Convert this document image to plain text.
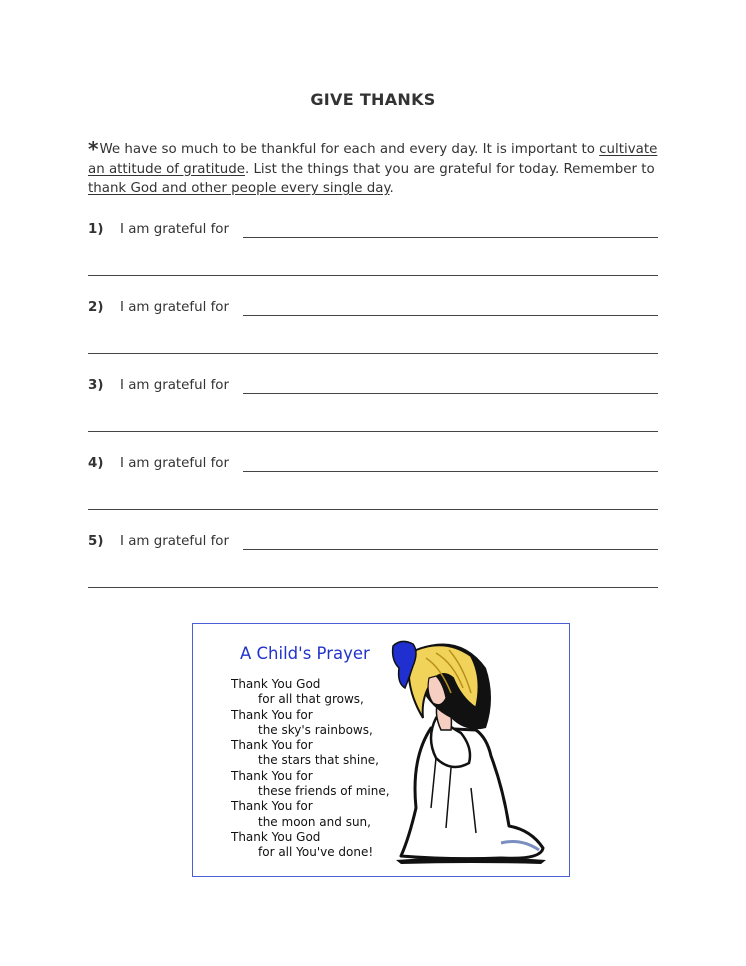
GIVE THANKS
*We have so much to be thankful for each and every day. It is important to cultivate an attitude of gratitude. List the things that you are grateful for today. Remember to thank God and other people every single day.
1) I am grateful for
2) I am grateful for
3) I am grateful for
4) I am grateful for
5) I am grateful for
A Child's Prayer
Thank You God
for all that grows,
Thank You for
the sky's rainbows,
Thank You for
the stars that shine,
Thank You for
these friends of mine,
Thank You for
the moon and sun,
Thank You God
for all You've done!
